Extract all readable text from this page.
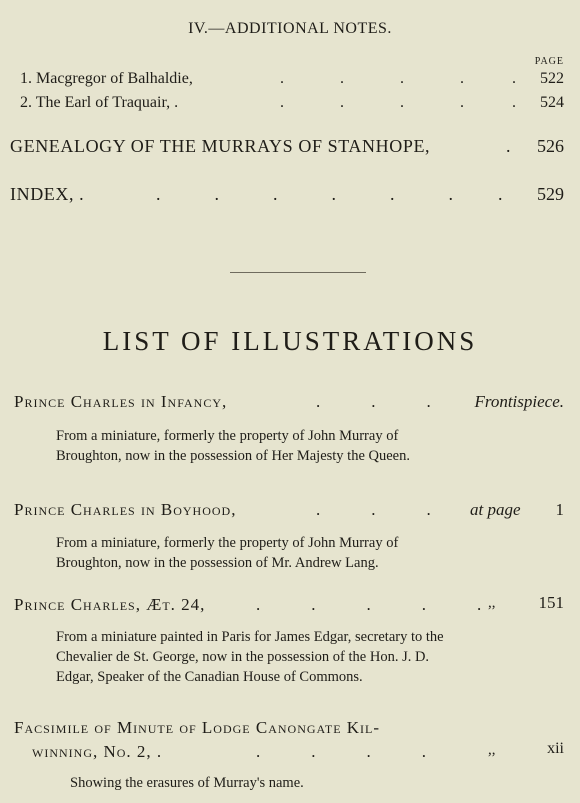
IV.—ADDITIONAL NOTES.
PAGE
1. Macgregor of Balhaldie,	.              .              .              .            . 522
2. The Earl of Traquair, .	.              .              .              .            . 524
GENEALOGY OF THE MURRAYS OF STANHOPE,	. 526
INDEX, .	.            .            .            .            .            .          . 529
LIST OF ILLUSTRATIONS
Prince Charles in Infancy,	.            .            .	Frontispiece.
From a miniature, formerly the property of John Murray of Broughton, now in the possession of Her Majesty the Queen.
Prince Charles in Boyhood,	.            .            . at page 1
From a miniature, formerly the property of John Murray of Broughton, now in the possession of Mr. Andrew Lang.
Prince Charles, Æt. 24,	.            .            .            .            . ,,	151
From a miniature painted in Paris for James Edgar, secretary to the Chevalier de St. George, now in the possession of the Hon. J. D. Edgar, Speaker of the Canadian House of Commons.
Facsimile of Minute of Lodge Canongate Kil-
winning, No. 2, .	.            .            .            .	,,	xii
Showing the erasures of Murray's name.
